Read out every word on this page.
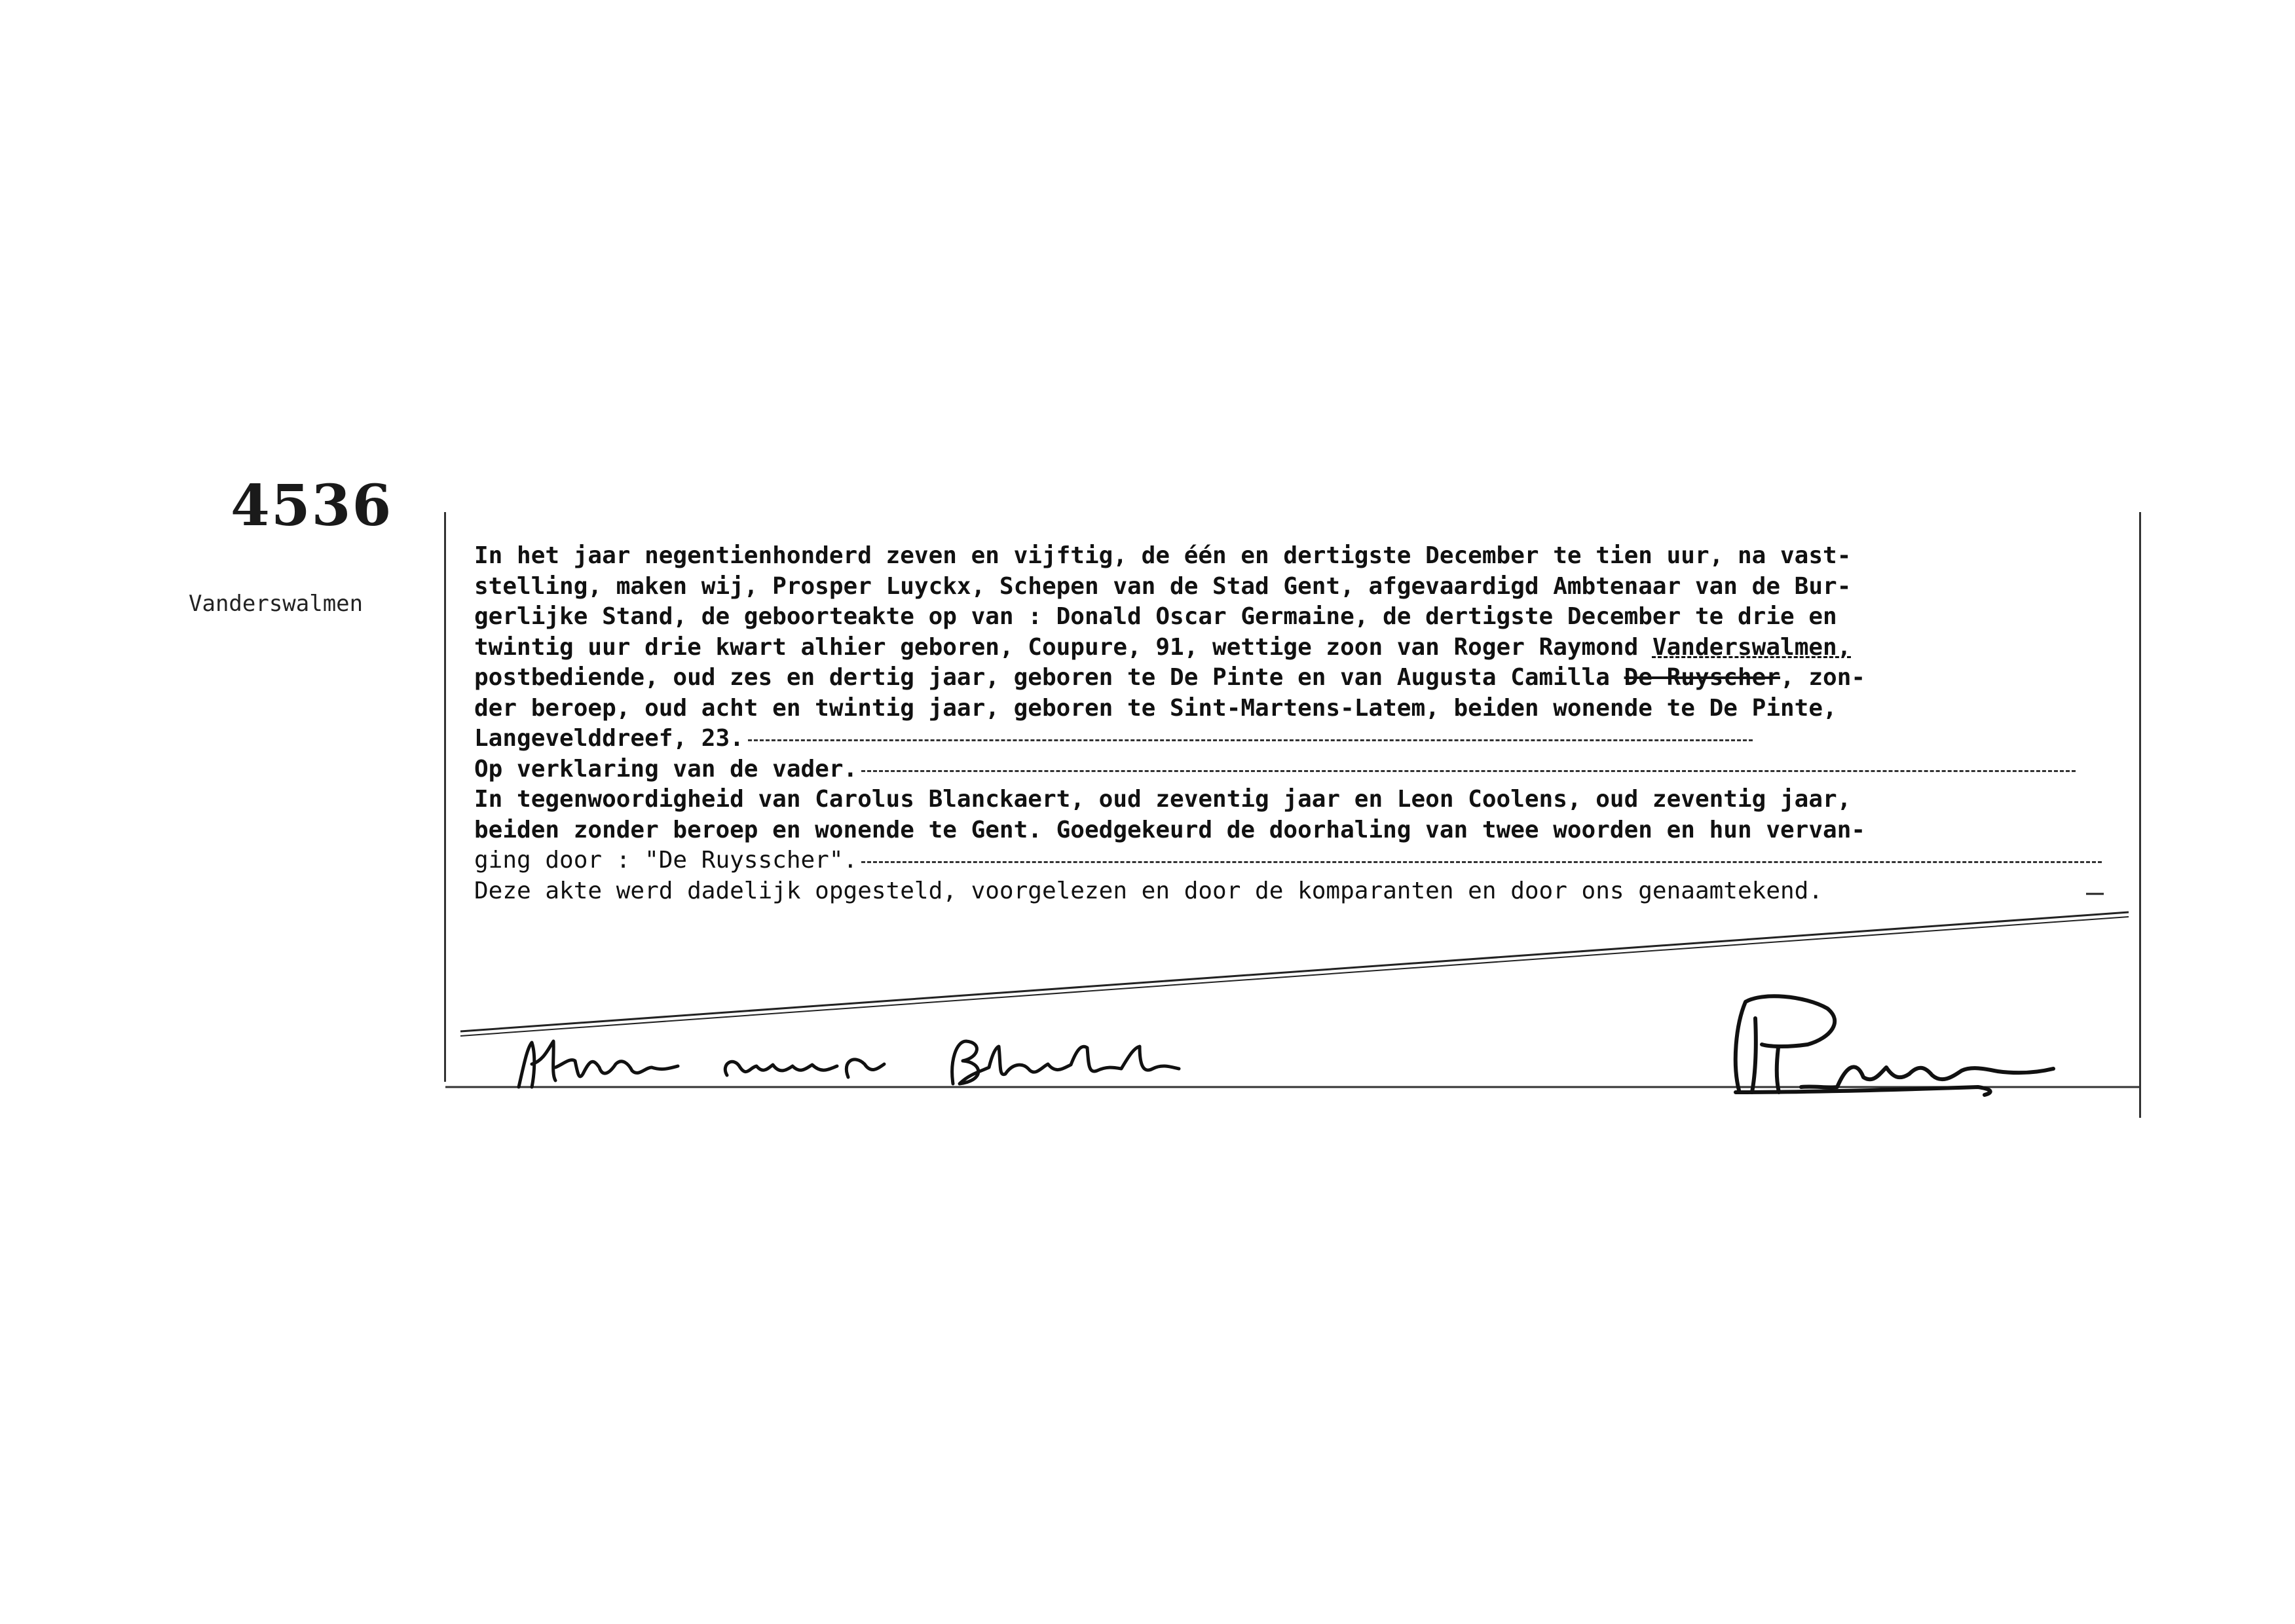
4536
Vanderswalmen
In het jaar negentienhonderd zeven en vijftig, de één en dertigste December te tien uur, na vast-
stelling, maken wij, Prosper Luyckx, Schepen van de Stad Gent, afgevaardigd Ambtenaar van de Bur-
gerlijke Stand, de geboorteakte op van : Donald Oscar Germaine, de dertigste December te drie en
twintig uur drie kwart alhier geboren, Coupure, 91, wettige zoon van Roger Raymond Vanderswalmen,
postbediende, oud zes en dertig jaar, geboren te De Pinte en van Augusta Camilla De Ruyscher, zon-
der beroep, oud acht en twintig jaar, geboren te Sint-Martens-Latem, beiden wonende te De Pinte,
Langevelddreef, 23.
Op verklaring van de vader.
In tegenwoordigheid van Carolus Blanckaert, oud zeventig jaar en Leon Coolens, oud zeventig jaar,
beiden zonder beroep en wonende te Gent. Goedgekeurd de doorhaling van twee woorden en hun vervan-
ging door : "De Ruysscher".
Deze akte werd dadelijk opgesteld, voorgelezen en door de komparanten en door ons genaamtekend.
